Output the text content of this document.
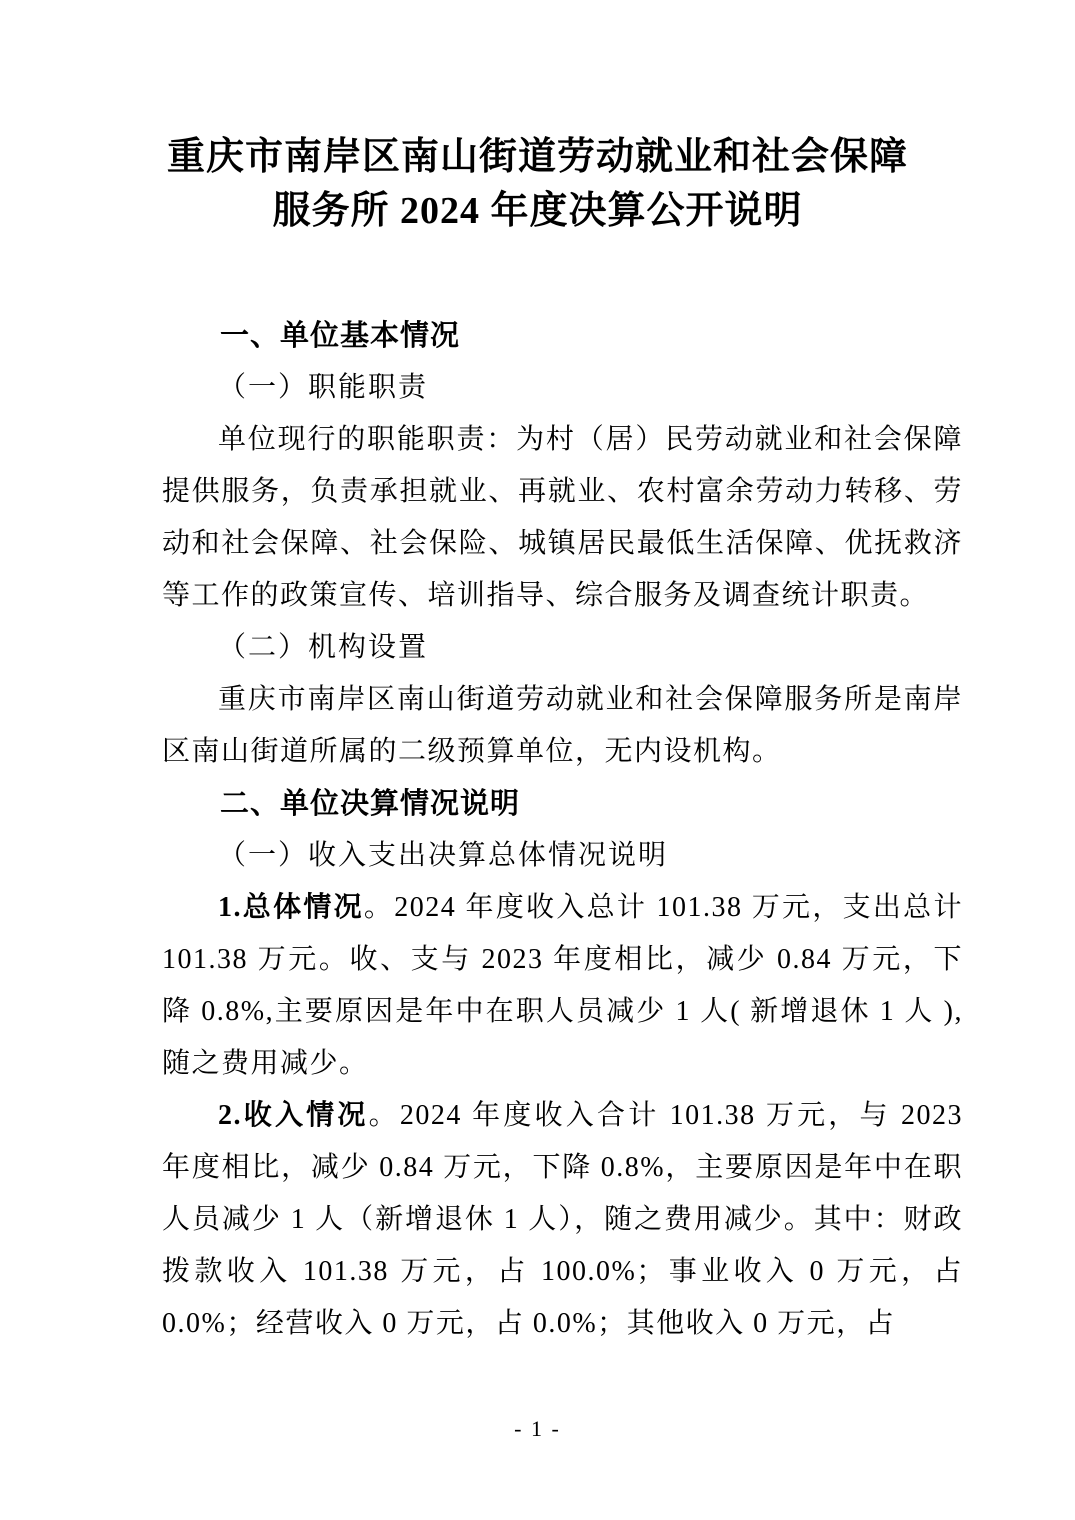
重庆市南岸区南山街道劳动就业和社会保障
服务所 2024 年度决算公开说明

一、单位基本情况

（一）职能职责

单位现行的职能职责：为村（居）民劳动就业和社会保障提供服务，负责承担就业、再就业、农村富余劳动力转移、劳动和社会保障、社会保险、城镇居民最低生活保障、优抚救济等工作的政策宣传、培训指导、综合服务及调查统计职责。

（二）机构设置

重庆市南岸区南山街道劳动就业和社会保障服务所是南岸区南山街道所属的二级预算单位，无内设机构。

二、单位决算情况说明

（一）收入支出决算总体情况说明

1.总体情况。2024 年度收入总计 101.38 万元，支出总计 101.38 万元。收、支与 2023 年度相比，减少 0.84 万元，下降 0.8%,主要原因是年中在职人员减少 1 人( 新增退休 1 人 ),随之费用减少。

2.收入情况。2024 年度收入合计 101.38 万元，与 2023 年度相比，减少 0.84 万元，下降 0.8%，主要原因是年中在职人员减少 1 人（新增退休 1 人），随之费用减少。其中：财政拨款收入 101.38 万元，占 100.0%；事业收入 0 万元，占 0.0%；经营收入 0 万元，占 0.0%；其他收入 0 万元，占

- 1 -
